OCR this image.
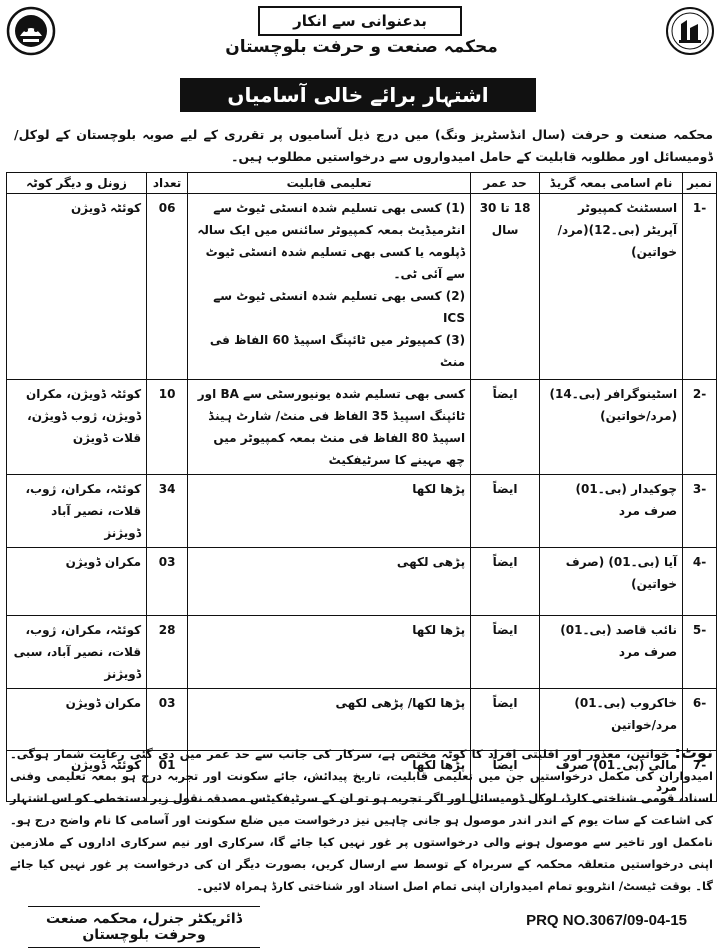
بدعنوانی سے انکار
محکمہ صنعت و حرفت بلوچستان
اشتہار برائے خالی آسامیاں
محکمہ صنعت و حرفت (سال انڈسٹریز ونگ) میں درج ذیل آسامیوں پر تقرری کے لیے صوبہ بلوچستان کے لوکل/ ڈومیسائل اور مطلوبہ قابلیت کے حامل امیدواروں سے درخواستیں مطلوب ہیں۔
نمبر	نام اسامی بمعہ گریڈ	حد عمر	تعلیمی قابلیت	تعداد	زونل و دیگر کوٹہ
-1	اسسٹنٹ کمپیوٹر آپریٹر (بی۔12)(مرد/خواتین)	18 تا 30 سال	(1) کسی بھی تسلیم شدہ انسٹی ٹیوٹ سے انٹرمیڈیٹ بمعہ کمپیوٹر سائنس میں ایک سالہ ڈپلومہ یا کسی بھی تسلیم شدہ انسٹی ٹیوٹ سے آئی ٹی۔
(2) کسی بھی تسلیم شدہ انسٹی ٹیوٹ سے ICS
(3) کمپیوٹر میں ٹائپنگ اسپیڈ 60 الفاظ فی منٹ	06	کوئٹہ ڈویژن
-2	اسٹینوگرافر (بی۔14) (مرد/خواتین)	ایضاً	کسی بھی تسلیم شدہ یونیورسٹی سے BA اور ٹائپنگ اسپیڈ 35 الفاظ فی منٹ/ شارٹ ہینڈ اسپیڈ 80 الفاظ فی منٹ بمعہ کمپیوٹر میں چھ مہینے کا سرٹیفکیٹ	10	کوئٹہ ڈویژن، مکران ڈویژن، ژوب ڈویژن، قلات ڈویژن
-3	چوکیدار (بی۔01) صرف مرد	ایضاً	پڑھا لکھا	34	کوئٹہ، مکران، ژوب، قلات، نصیر آباد ڈویژنز
-4	آیا (بی۔01) (صرف خواتین)	ایضاً	پڑھی لکھی	03	مکران ڈویژن
-5	نائب قاصد (بی۔01) صرف مرد	ایضاً	پڑھا لکھا	28	کوئٹہ، مکران، ژوب، قلات، نصیر آباد، سبی ڈویژنز
-6	خاکروب (بی۔01) مرد/خواتین	ایضاً	پڑھا لکھا/ پڑھی لکھی	03	مکران ڈویژن
-7	مالی (بی۔01) صرف مرد	ایضاً	پڑھا لکھا	01	کوئٹہ ڈویژن
نوٹ: خواتین، معذور اور اقلیتی افراد کا کوٹہ مختص ہے، سرکار کی جانب سے حد عمر میں دی گئی رعایت شمار ہوگی۔ امیدواران کی مکمل درخواستیں جن میں تعلیمی قابلیت، تاریخ پیدائش، جائے سکونت اور تجربہ درج ہو بمعہ تعلیمی وفنی اسناد، قومی شناختی کارڈ، لوکل ڈومیسائل اور اگر تجربہ ہو تو ان کے سرٹیفکیٹس مصدقہ نقول زیر دستخطی کو اس اشتہار کی اشاعت کے سات یوم کے اندر اندر موصول ہو جانی چاہیں نیز درخواست میں ضلع سکونت اور آسامی کا نام واضح درج ہو۔ نامکمل اور تاخیر سے موصول ہونے والی درخواستوں پر غور نہیں کیا جائے گا، سرکاری اور نیم سرکاری اداروں کے ملازمین اپنی درخواستیں متعلقہ محکمہ کے سربراہ کے توسط سے ارسال کریں، بصورت دیگر ان کی درخواست پر غور نہیں کیا جائے گا۔ بوقت ٹیسٹ/ انٹرویو تمام امیدواران اپنی تمام اصل اسناد اور شناختی کارڈ ہمراہ لائیں۔
ڈائریکٹر جنرل، محکمہ صنعت وحرفت بلوچستان
PRQ NO.3067/09-04-15
